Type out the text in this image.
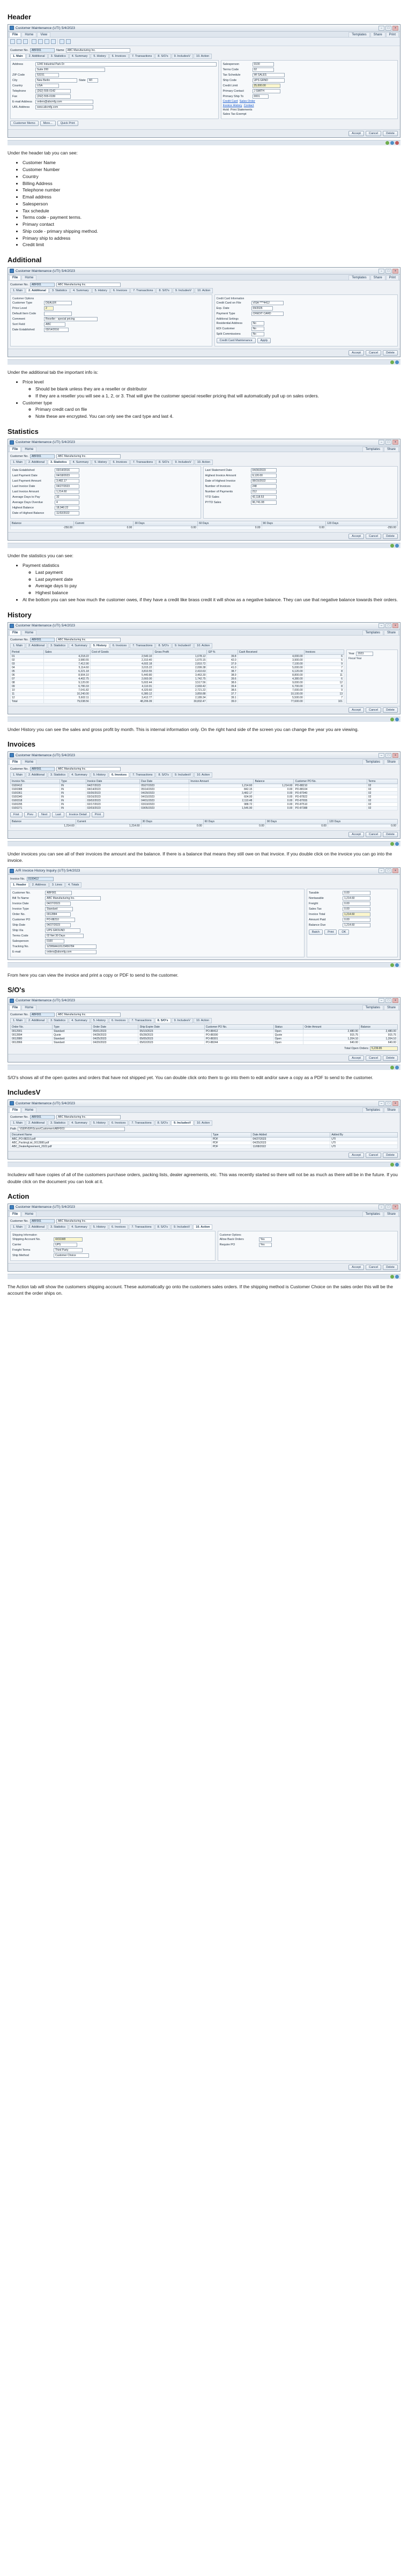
Header
Customer Maintenance (UTI) 5/4/2023	–	□	×
File	Home	View	Templates	Share	Print
Customer No.	ABF001	Name	ABC Manufacturing Inc.
1. Main	2. Additional	3. Statistics	4. Summary	5. History	6. Invoices	7. Transactions	8. S/O's	9. IncludesV	10. Action
Address	1240 Industrial Park Dr
Suite 200
ZIP Code	53151
City	New Berlin	State	WI
Country	USA
Telephone	(262) 555-0142
Fax	(262) 555-0199
E-mail Address	orders@abcmfg.com
URL Address	www.abcmfg.com
Salesperson	0100
Terms Code	02
Tax Schedule	WI SALES
Ship Code	UPS GRND
Credit Limit	25,000.00
Primary Contact	J SMITH
Primary Ship To	0001
Credit Card Sales Order
Invoice History Contact
Hold Print Statements
Sales Tax Exempt
Customer Memo	More...	Quick Print
Accept	Cancel	Delete

Under the header tab you can see:

• Customer Name
• Customer Number
• Country
• Billing Address
• Telephone number
• Email address
• Salesperson
• Tax schedule
• Terms code - payment terms.
• Primary contact
• Ship code - primary shipping method.
• Primary ship to address
• Credit limit
Additional
Customer Maintenance (UTI) 5/4/2023	–	□	×
File	Home	Templates	Share	Print
Customer No.	ABF001	ABC Manufacturing Inc.
1. Main	2. Additional	3. Statistics	4. Summary	5. History	6. Invoices	7. Transactions	8. S/O's	9. IncludesV	10. Action
Customer Options
Customer Type	DEALER
Price Level	2
Default Item Code
Comment	Reseller - special pricing
Sort Field	ABC
Date Established	03/14/2016
Credit Card Information
Credit Card on File	VISA ****4412
Exp. Date	09/2026
Payment Type	CREDIT CARD
Additional Settings
Residential Address	No
EDI Customer	No
Split Commissions	No
Credit Card Maintenance	Apply
Accept	Cancel	Delete

Under the additional tab the important info is:

• Price level
◦ Should be blank unless they are a reseller or distributor
◦ If they are a reseller you will see a 1, 2, or 3. That will give the customer special reseller pricing that will automatically pull up on sales orders.
• Customer type
◦ Primary credit card on file
◦ Note these are encrypted. You can only see the card type and last 4.
Statistics
Customer Maintenance (UTI) 5/4/2023	–	□	×
File	Home	Templates	Share
Customer No.	ABF001	ABC Manufacturing Inc.
1. Main	2. Additional	3. Statistics	4. Summary	5. History	6. Invoices	7. Transactions	8. S/O's	9. IncludesV	10. Action
Date Established	03/14/2016
Last Payment Date	04/18/2023
Last Payment Amount	3,482.17
Last Invoice Date	04/27/2023
Last Invoice Amount	1,214.60
Average Days to Pay	32
Average Days Overdue	4
Highest Balance	18,940.22
Date of Highest Balance	11/02/2022
Last Statement Date	04/30/2023
Highest Invoice Amount	9,120.00
Date of Highest Invoice	08/15/2022
Number of Invoices	248
Number of Payments	212
YTD Sales	42,118.53
PYTD Sales	96,741.08
Balance	Current	30 Days	60 Days	90 Days	120 Days
-250.00	0.00	0.00	0.00	0.00	-250.00
Accept	Cancel	Delete

Under the statistics you can see:

• Payment statistics
◦ Last payment
◦ Last payment date
◦ Average days to pay
◦ Highest balance
• At the bottom you can see how much the customer owes, if they have a credit like brass credit it will show as a negative balance. They can use that negative balance towards their orders.
History
Customer Maintenance (UTI) 5/4/2023	–	□	×
File	Home	Templates	Share
Customer No.	ABF001	ABC Manufacturing Inc.
1. Main	2. Additional	3. Statistics	4. Summary	5. History	6. Invoices	7. Transactions	8. S/O's	9. IncludesV	10. Action
Period	Sales	Cost of Goods	Gross Profit	GP %	Cash Received	Invoices
01	4,218.22	2,540.10	1,678.12	39.8	4,000.00	6
02	3,980.55	2,310.40	1,670.15	42.0	3,900.00	5
03	7,412.90	4,602.18	2,810.72	37.9	7,100.00	9
04	5,114.60	3,015.22	2,099.38	41.0	5,000.00	7
05	6,221.18	3,810.55	2,410.63	38.7	6,120.00	8
06	8,904.10	5,440.80	3,463.30	38.9	8,800.00	11
07	4,402.75	2,660.00	1,742.75	39.6	4,380.00	6
08	9,120.00	5,602.44	3,517.56	38.6	9,000.00	12
09	6,780.33	4,110.91	2,669.42	39.4	6,700.00	8
10	7,041.82	4,320.60	2,721.22	38.6	7,000.00	9
11	10,240.00	6,380.12	3,859.88	37.7	10,100.00	13
12	5,602.11	3,412.77	2,189.34	39.1	5,500.00	7
Total	79,038.56	48,206.09	30,832.47	39.0	77,600.00	101
Year	2023
Fiscal Year
Accept	Cancel	Delete

Under History you can see the sales and gross profit by month. This is internal information only. On the right hand side of the screen you can change the year you are viewing.

Invoices
Customer Maintenance (UTI) 5/4/2023	–	□	×
File	Home	Templates	Share
Customer No.	ABF001	ABC Manufacturing Inc.
1. Main	2. Additional	3. Statistics	4. Summary	5. History	6. Invoices	7. Transactions	8. S/O's	9. IncludesV	10. Action
Invoice No.	Type	Invoice Date	Due Date	Invoice Amount	Balance	Customer PO No.	Terms
0100412	IN	04/27/2023	05/27/2023	1,214.60	1,214.60	PO-88210	02
0100388	IN	04/14/2023	05/14/2023	842.15	0.00	PO-88104	02
0100361	IN	03/30/2023	04/29/2023	3,482.17	0.00	PO-87940	02
0100340	IN	03/16/2023	04/15/2023	604.00	0.00	PO-87822	02
0100318	IN	03/02/2023	04/01/2023	2,110.48	0.00	PO-87655	02
0100295	IN	02/17/2023	03/19/2023	988.72	0.00	PO-87510	02
0100271	IN	02/03/2023	03/05/2023	1,546.90	0.00	PO-87388	02
First	Prev	Next	Last	Invoice Detail	Print
Balance	Current	30 Days	60 Days	90 Days	120 Days
1,214.60	1,214.60	0.00	0.00	0.00	0.00
Accept	Cancel	Delete

Under invoices you can see all of their invoices the amount and the balance. If there is a balance that means they still owe on that invoice. If you double click on the invoice you can go into the invoice.

A/R Invoice History Inquiry (UTI) 5/4/2023	–	□	×
Invoice No.	0100412
1. Header	2. Address	3. Lines	4. Totals
Customer No.	ABF001
Bill To Name	ABC Manufacturing Inc.
Invoice Date	04/27/2023
Invoice Type	Standard
Order No.	0012884
Customer PO	PO-88210
Ship Date	04/27/2023
Ship Via	UPS GROUND
Terms Code	02 Net 30 Days
Salesperson	0100
Tracking No.	1Z999AA10123456784
E-mail	orders@abcmfg.com
Taxable	0.00
Nontaxable	1,214.60
Freight	0.00
Sales Tax	0.00
Invoice Total	1,214.60
Amount Paid	0.00
Balance Due	1,214.60
Batch	Print	OK

From here you can view the invoice and print a copy or PDF to send to the customer.

S/O's
Customer Maintenance (UTI) 5/4/2023	–	□	×
File	Home	Templates	Share
Customer No.	ABF001	ABC Manufacturing Inc.
1. Main	2. Additional	3. Statistics	4. Summary	5. History	6. Invoices	7. Transactions	8. S/O's	9. IncludesV	10. Action
Order No.	Type	Order Date	Ship Expire Date	Customer PO No.	Status	Order Amount	Balance
0012901	Standard	05/01/2023	05/10/2023	PO-88412	Open	2,480.00	2,480.00
0012894	Quote	04/28/2023	05/28/2023	PO-88390	Quote	915.75	915.75
0012880	Standard	04/25/2023	05/05/2023	PO-88301	Open	1,204.10	1,204.10
0012866	Standard	04/20/2023	05/02/2023	PO-88244	Open	640.00	640.00
Total Open Orders	5,239.85
Accept	Cancel	Delete

S/O's shows all of the open quotes and orders that have not shipped yet. You can double click onto them to go into them to edit and/or save a copy as a PDF to send to the customer.

IncludesV
Customer Maintenance (UTI) 5/4/2023	–	□	×
File	Home	Templates	Share
Customer No.	ABF001	ABC Manufacturing Inc.
1. Main	2. Additional	3. Statistics	4. Summary	5. History	6. Invoices	7. Transactions	8. S/O's	9. IncludesV	10. Action
Path	\\SERVER\Scans\Customers\ABF001\
Document Name	Type	Date Added	Added By
ABC_PO-88210.pdf	PDF	04/27/2023	UTI
ABC_PackingList_0012880.pdf	PDF	04/25/2023	UTI
ABC_DealerAgreement_2022.pdf	PDF	11/08/2022	UTI
Accept	Cancel	Delete

Includesv will have copies of all of the customers purchase orders, packing lists, dealer agreements, etc. This was recently started so there will not be as much as there will be in the future. If you double click on the document you can look at it.

Action
Customer Maintenance (UTI) 5/4/2023	–	□	×
File	Home	Templates	Share
Customer No.	ABF001	ABC Manufacturing Inc.
1. Main	2. Additional	3. Statistics	4. Summary	5. History	6. Invoices	7. Transactions	8. S/O's	9. IncludesV	10. Action
Shipping Information
Shipping Account No.	4X91W8
Carrier	UPS
Freight Terms	Third Party
Ship Method	Customer Choice
Customer Options
Allow Back Orders	Yes
Require PO	Yes
Accept	Cancel	Delete

The Action tab will show the customers shipping account. These automatically go onto the customers sales orders. If the shipping method is Customer Choice on the sales order this will be the account the order ships on.
